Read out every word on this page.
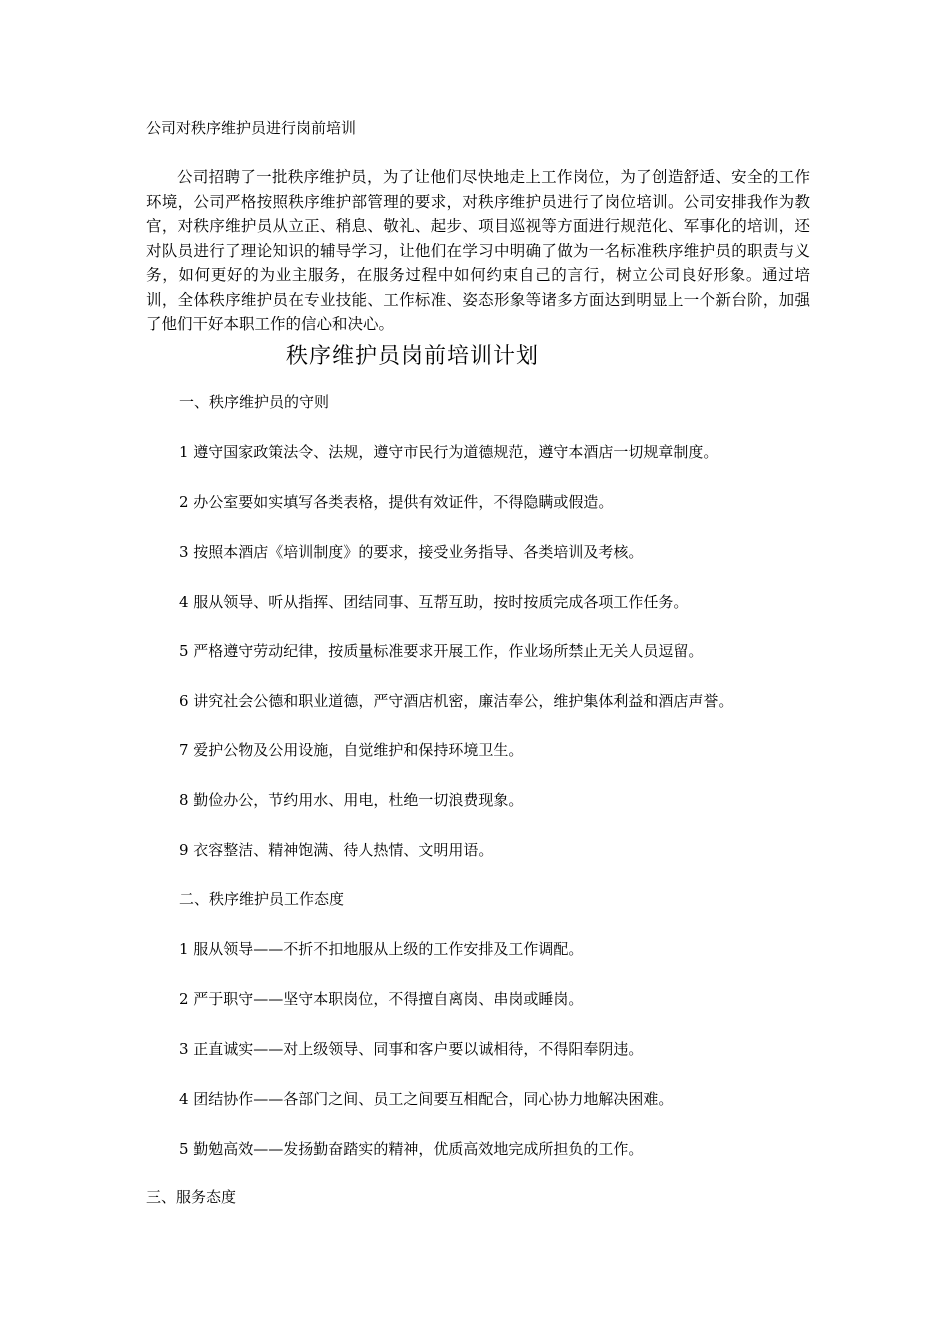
公司对秩序维护员进行岗前培训

公司招聘了一批秩序维护员，为了让他们尽快地走上工作岗位，为了创造舒适、安全的工作环境，公司严格按照秩序维护部管理的要求，对秩序维护员进行了岗位培训。公司安排我作为教官，对秩序维护员从立正、稍息、敬礼、起步、项目巡视等方面进行规范化、军事化的培训，还对队员进行了理论知识的辅导学习，让他们在学习中明确了做为一名标准秩序维护员的职责与义务，如何更好的为业主服务，在服务过程中如何约束自己的言行，树立公司良好形象。通过培训，全体秩序维护员在专业技能、工作标准、姿态形象等诸多方面达到明显上一个新台阶，加强了他们干好本职工作的信心和决心。

秩序维护员岗前培训计划
一、秩序维护员的守则
1 遵守国家政策法令、法规，遵守市民行为道德规范，遵守本酒店一切规章制度。
2 办公室要如实填写各类表格，提供有效证件，不得隐瞒或假造。
3 按照本酒店《培训制度》的要求，接受业务指导、各类培训及考核。
4 服从领导、听从指挥、团结同事、互帮互助，按时按质完成各项工作任务。
5 严格遵守劳动纪律，按质量标准要求开展工作，作业场所禁止无关人员逗留。
6 讲究社会公德和职业道德，严守酒店机密，廉洁奉公，维护集体利益和酒店声誉。
7 爱护公物及公用设施，自觉维护和保持环境卫生。
8 勤俭办公，节约用水、用电，杜绝一切浪费现象。
9 衣容整洁、精神饱满、待人热情、文明用语。
二、秩序维护员工作态度
1 服从领导——不折不扣地服从上级的工作安排及工作调配。
2 严于职守——坚守本职岗位，不得擅自离岗、串岗或睡岗。
3 正直诚实——对上级领导、同事和客户要以诚相待，不得阳奉阴违。
4 团结协作——各部门之间、员工之间要互相配合，同心协力地解决困难。
5 勤勉高效——发扬勤奋踏实的精神，优质高效地完成所担负的工作。
三、服务态度
